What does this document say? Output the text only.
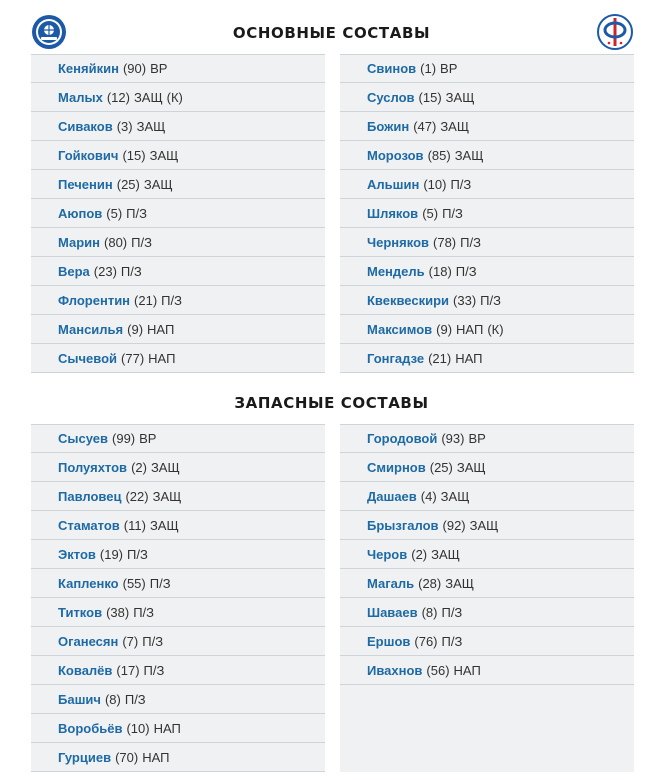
ОСНОВНЫЕ СОСТАВЫ
ЗАПАСНЫЕ СОСТАВЫ
Кеняйкин (90) ВР
Малых (12) ЗАЩ (К)
Сиваков (3) ЗАЩ
Гойкович (15) ЗАЩ
Печенин (25) ЗАЩ
Аюпов (5) П/З
Марин (80) П/З
Вера (23) П/З
Флорентин (21) П/З
Мансилья (9) НАП
Сычевой (77) НАП
Свинов (1) ВР
Суслов (15) ЗАЩ
Божин (47) ЗАЩ
Морозов (85) ЗАЩ
Альшин (10) П/З
Шляков (5) П/З
Черняков (78) П/З
Мендель (18) П/З
Квеквескири (33) П/З
Максимов (9) НАП (К)
Гонгадзе (21) НАП
Сысуев (99) ВР
Полуяхтов (2) ЗАЩ
Павловец (22) ЗАЩ
Стаматов (11) ЗАЩ
Эктов (19) П/З
Капленко (55) П/З
Титков (38) П/З
Оганесян (7) П/З
Ковалёв (17) П/З
Башич (8) П/З
Воробьёв (10) НАП
Гурциев (70) НАП
Городовой (93) ВР
Смирнов (25) ЗАЩ
Дашаев (4) ЗАЩ
Брызгалов (92) ЗАЩ
Черов (2) ЗАЩ
Магаль (28) ЗАЩ
Шаваев (8) П/З
Ершов (76) П/З
Ивахнов (56) НАП
